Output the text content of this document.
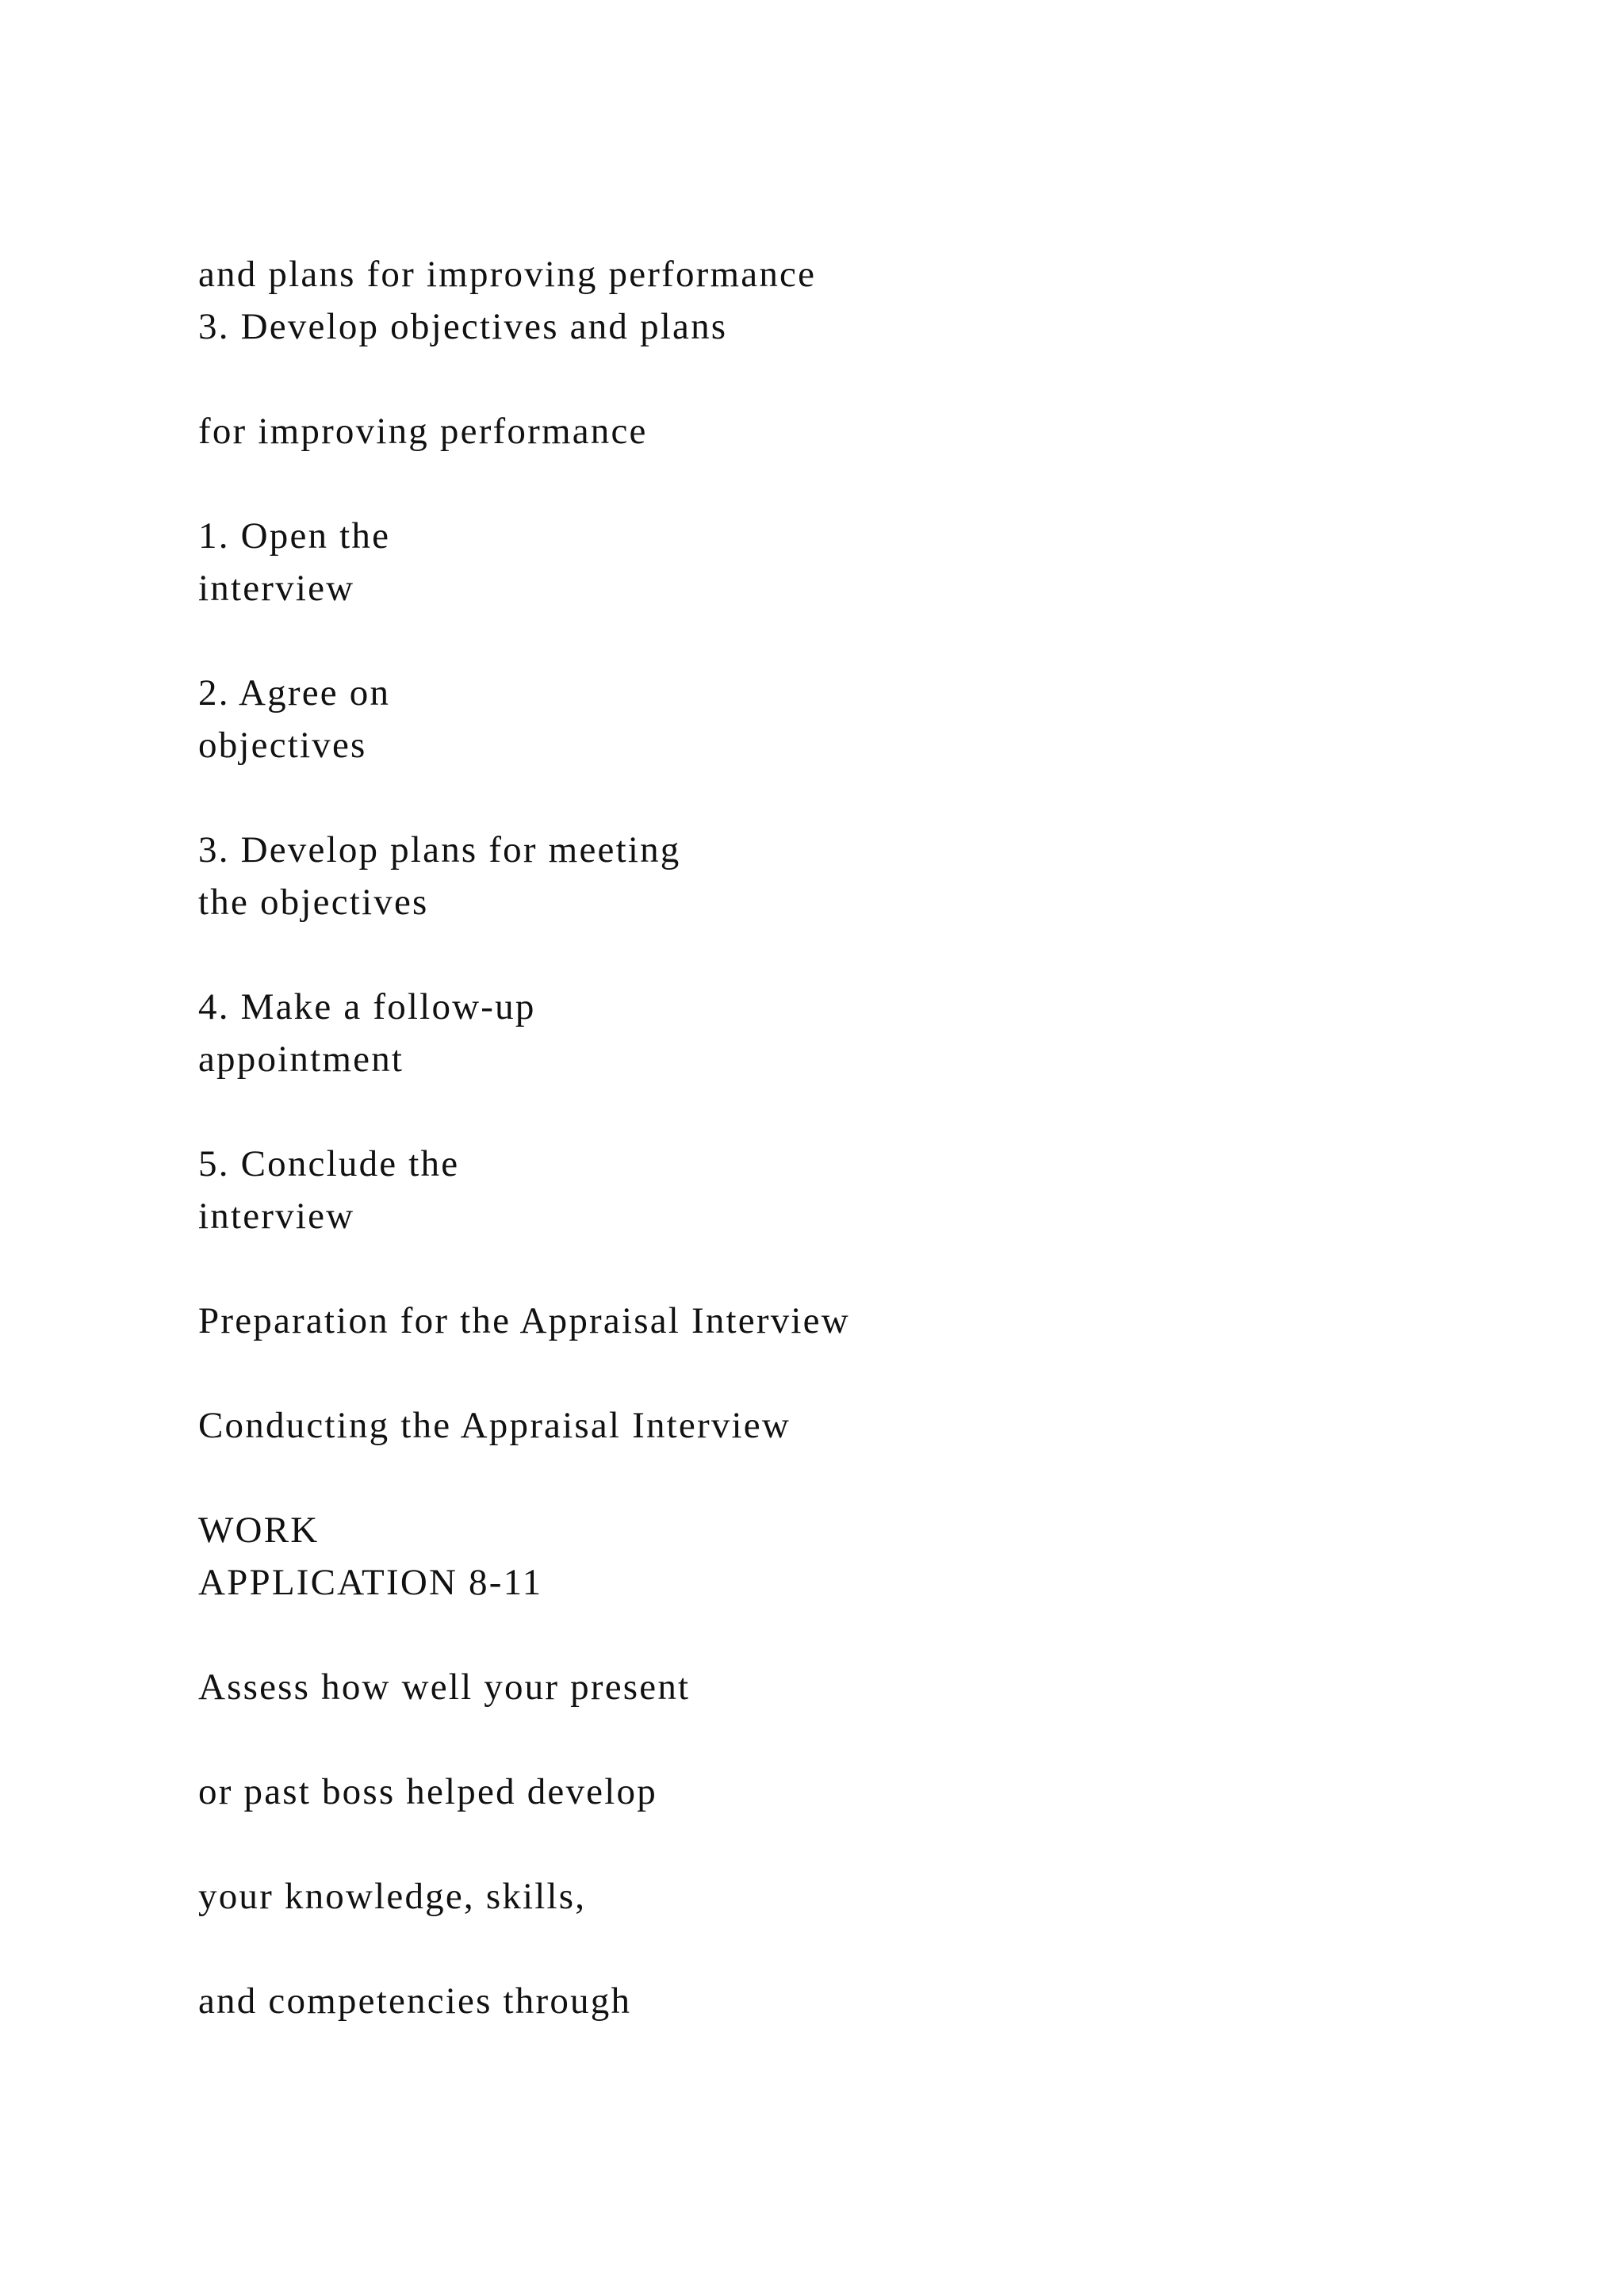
and plans for improving performance

3. Develop objectives and plans

for improving performance

1. Open the

interview

2. Agree on

objectives

3. Develop plans for meeting

the objectives

4. Make a follow-up

appointment

5. Conclude the

interview

Preparation for the Appraisal Interview

Conducting the Appraisal Interview

WORK

APPLICATION 8-11

Assess how well your present

or past boss helped develop

your knowledge, skills,

and competencies through
